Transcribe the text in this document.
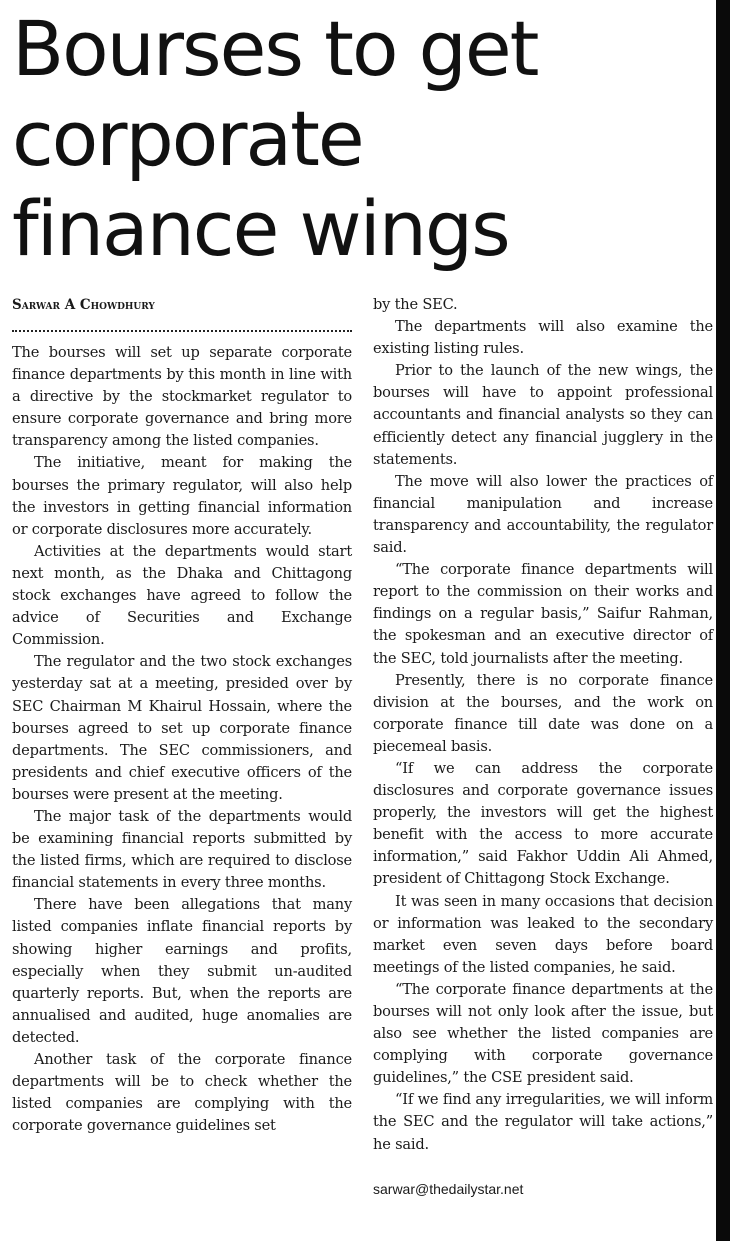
Bourses to get
corporate
finance wings
Sarwar A Chowdhury

The bourses will set up separate corporate finance departments by this month in line with a directive by the stockmarket regulator to ensure corporate governance and bring more transparency among the listed companies.

The initiative, meant for making the bourses the primary regulator, will also help the investors in getting financial information or corporate disclosures more accurately.

Activities at the departments would start next month, as the Dhaka and Chittagong stock exchanges have agreed to follow the advice of Securities and Exchange Commission.

The regulator and the two stock exchanges yesterday sat at a meeting, presided over by SEC Chairman M Khairul Hossain, where the bourses agreed to set up corporate finance departments. The SEC commissioners, and presidents and chief executive officers of the bourses were present at the meeting.

The major task of the departments would be examining financial reports submitted by the listed firms, which are required to disclose financial statements in every three months.

There have been allegations that many listed companies inflate financial reports by showing higher earnings and profits, especially when they submit un-audited quarterly reports. But, when the reports are annualised and audited, huge anomalies are detected.

Another task of the corporate finance departments will be to check whether the listed companies are complying with the corporate governance guidelines set

by the SEC.

The departments will also examine the existing listing rules.

Prior to the launch of the new wings, the bourses will have to appoint professional accountants and financial analysts so they can efficiently detect any financial jugglery in the statements.

The move will also lower the practices of financial manipulation and increase transparency and accountability, the regulator said.

“The corporate finance departments will report to the commission on their works and findings on a regular basis,” Saifur Rahman, the spokesman and an executive director of the SEC, told journalists after the meeting.

Presently, there is no corporate finance division at the bourses, and the work on corporate finance till date was done on a piecemeal basis.

“If we can address the corporate disclosures and corporate governance issues properly, the investors will get the highest benefit with the access to more accurate information,” said Fakhor Uddin Ali Ahmed, president of Chittagong Stock Exchange.

It was seen in many occasions that decision or information was leaked to the secondary market even seven days before board meetings of the listed companies, he said.

“The corporate finance departments at the bourses will not only look after the issue, but also see whether the listed companies are complying with corporate governance guidelines,” the CSE president said.

“If we find any irregularities, we will inform the SEC and the regulator will take actions,” he said.

sarwar@thedailystar.net
